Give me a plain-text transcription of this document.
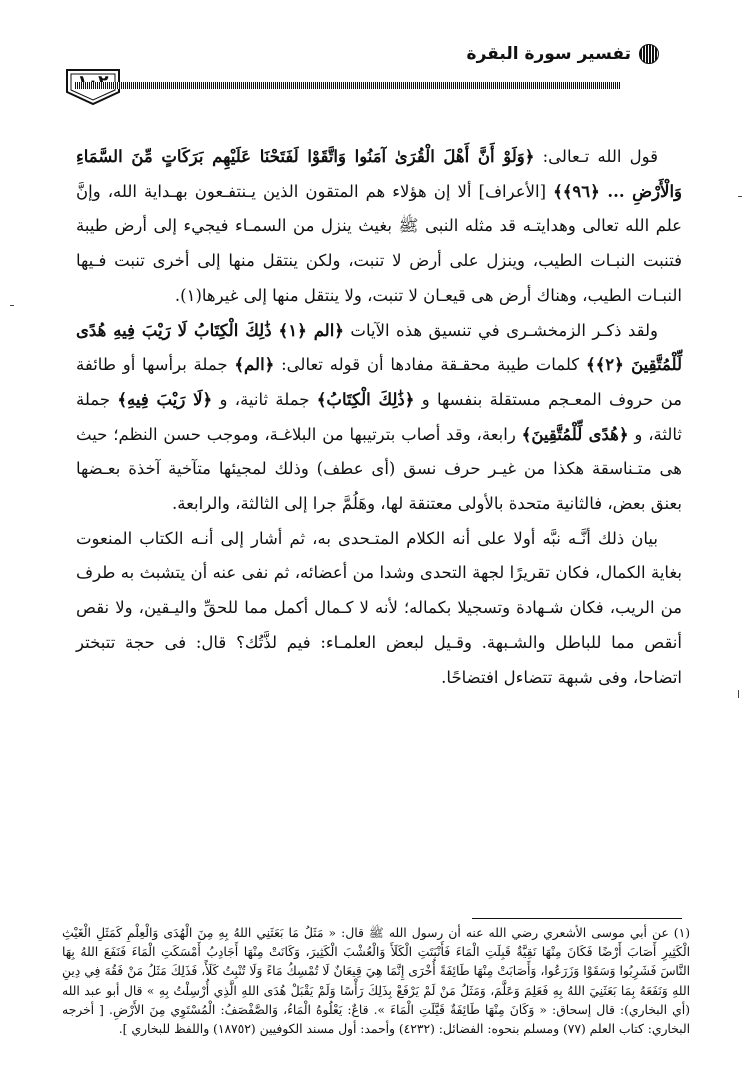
تفسير سورة البقرة

قول الله تـعالى: ﴿وَلَوْ أَنَّ أَهْلَ الْقُرَىٰ آمَنُوا وَاتَّقَوْا لَفَتَحْنَا عَلَيْهِم بَرَكَاتٍ مِّنَ السَّمَاءِ وَالْأَرْضِ ... ﴿٩٦﴾﴾ [الأعراف] ألا إن هؤلاء هم المتقون الذين يـنتفـعون بهـداية الله، وإنَّ علم الله تعالى وهدايتـه قد مثله النبى ﷺ بغيث ينزل من السمـاء فيجيء إلى أرض طيبة فتنبت النبـات الطيب، وينزل على أرض لا تنبت، ولكن ينتقل منها إلى أخرى تنبت فـيها النبـات الطيب، وهناك أرض هى قيعـان لا تنبت، ولا ينتقل منها إلى غيرها(١).

ولقد ذكـر الزمخشـرى في تنسيق هذه الآيات ﴿الم ﴿١﴾ ذَٰلِكَ الْكِتَابُ لَا رَيْبَ فِيهِ هُدًى لِّلْمُتَّقِينَ ﴿٢﴾﴾ كلمات طيبة محقـقة مفادها أن قوله تعالى: ﴿الم﴾ جملة برأسها أو طائفة من حروف المعـجم مستقلة بنفسها و ﴿ذَٰلِكَ الْكِتَابُ﴾ جملة ثانية، و ﴿لَا رَيْبَ فِيهِ﴾ جملة ثالثة، و ﴿هُدًى لِّلْمُتَّقِينَ﴾ رابعة، وقد أصاب بترتيبها من البلاغـة، وموجب حسن النظم؛ حيث هى متـناسقة هكذا من غيـر حرف نسق (أى عطف) وذلك لمجيئها متآخية آخذة بعـضها بعنق بعض، فالثانية متحدة بالأولى معتنقة لها، وهَلُمَّ جرا إلى الثالثة، والرابعة.

بيان ذلك أنَّـه نبَّه أولا على أنه الكلام المتـحدى به، ثم أشار إلى أنـه الكتاب المنعوت بغاية الكمال، فكان تقريرًا لجهة التحدى وشدا من أعضائه، ثم نفى عنه أن يتشبث به طرف من الريب، فكان شـهادة وتسجيلا بكماله؛ لأنه لا كـمال أكمل مما للحقِّ واليـقين، ولا نقص أنقص مما للباطل والشـبهة. وقـيل لبعض العلمـاء: فيم لذَّتُك؟ قال: فى حجة تتبختر اتضاحا، وفى شبهة تتضاءل افتضاحًا.

(١) عن أبي موسى الأشعري رضي الله عنه أن رسول الله ﷺ قال: « مَثَلُ مَا بَعَثَنِي اللهُ بِهِ مِنَ الْهُدَى وَالْعِلْمِ كَمَثَلِ الْغَيْثِ الْكَثِيرِ أَصَابَ أَرْضًا فَكَانَ مِنْهَا نَقِيَّةٌ قَبِلَتِ الْمَاءَ فَأَنْبَتَتِ الْكَلَأَ وَالْعُشْبَ الْكَثِيرَ، وَكَانَتْ مِنْهَا أَجَادِبُ أَمْسَكَتِ الْمَاءَ فَنَفَعَ اللهُ بِهَا النَّاسَ فَشَرِبُوا وَسَقَوْا وَزَرَعُوا، وَأَصَابَتْ مِنْهَا طَائِفَةً أُخْرَى إِنَّمَا هِيَ قِيعَانٌ لَا تُمْسِكُ مَاءً وَلَا تُنْبِتُ كَلَأً، فَذَلِكَ مَثَلُ مَنْ فَقُهَ فِي دِينِ اللهِ وَنَفَعَهُ بِمَا بَعَثَنِيَ اللهُ بِهِ فَعَلِمَ وَعَلَّمَ، وَمَثَلُ مَنْ لَمْ يَرْفَعْ بِذَلِكَ رَأْسًا وَلَمْ يَقْبَلْ هُدَى اللهِ الَّذِي أُرْسِلْتُ بِهِ » قال أبو عبد الله (أي البخاري): قال إسحاق: « وَكَانَ مِنْهَا طَائِفَةٌ قَيَّلَتِ الْمَاءَ ». قاعٌ: يَعْلُوهُ الْمَاءُ، وَالصَّفْصَفُ: الْمُسْتَوِي مِنَ الأَرْضِ. [ أخرجه البخاري: كتاب العلم (٧٧) ومسلم بنحوه: الفضائل: (٤٢٣٢) وأحمد: أول مسند الكوفيين (١٨٧٥٢) واللفظ للبخاري ].
